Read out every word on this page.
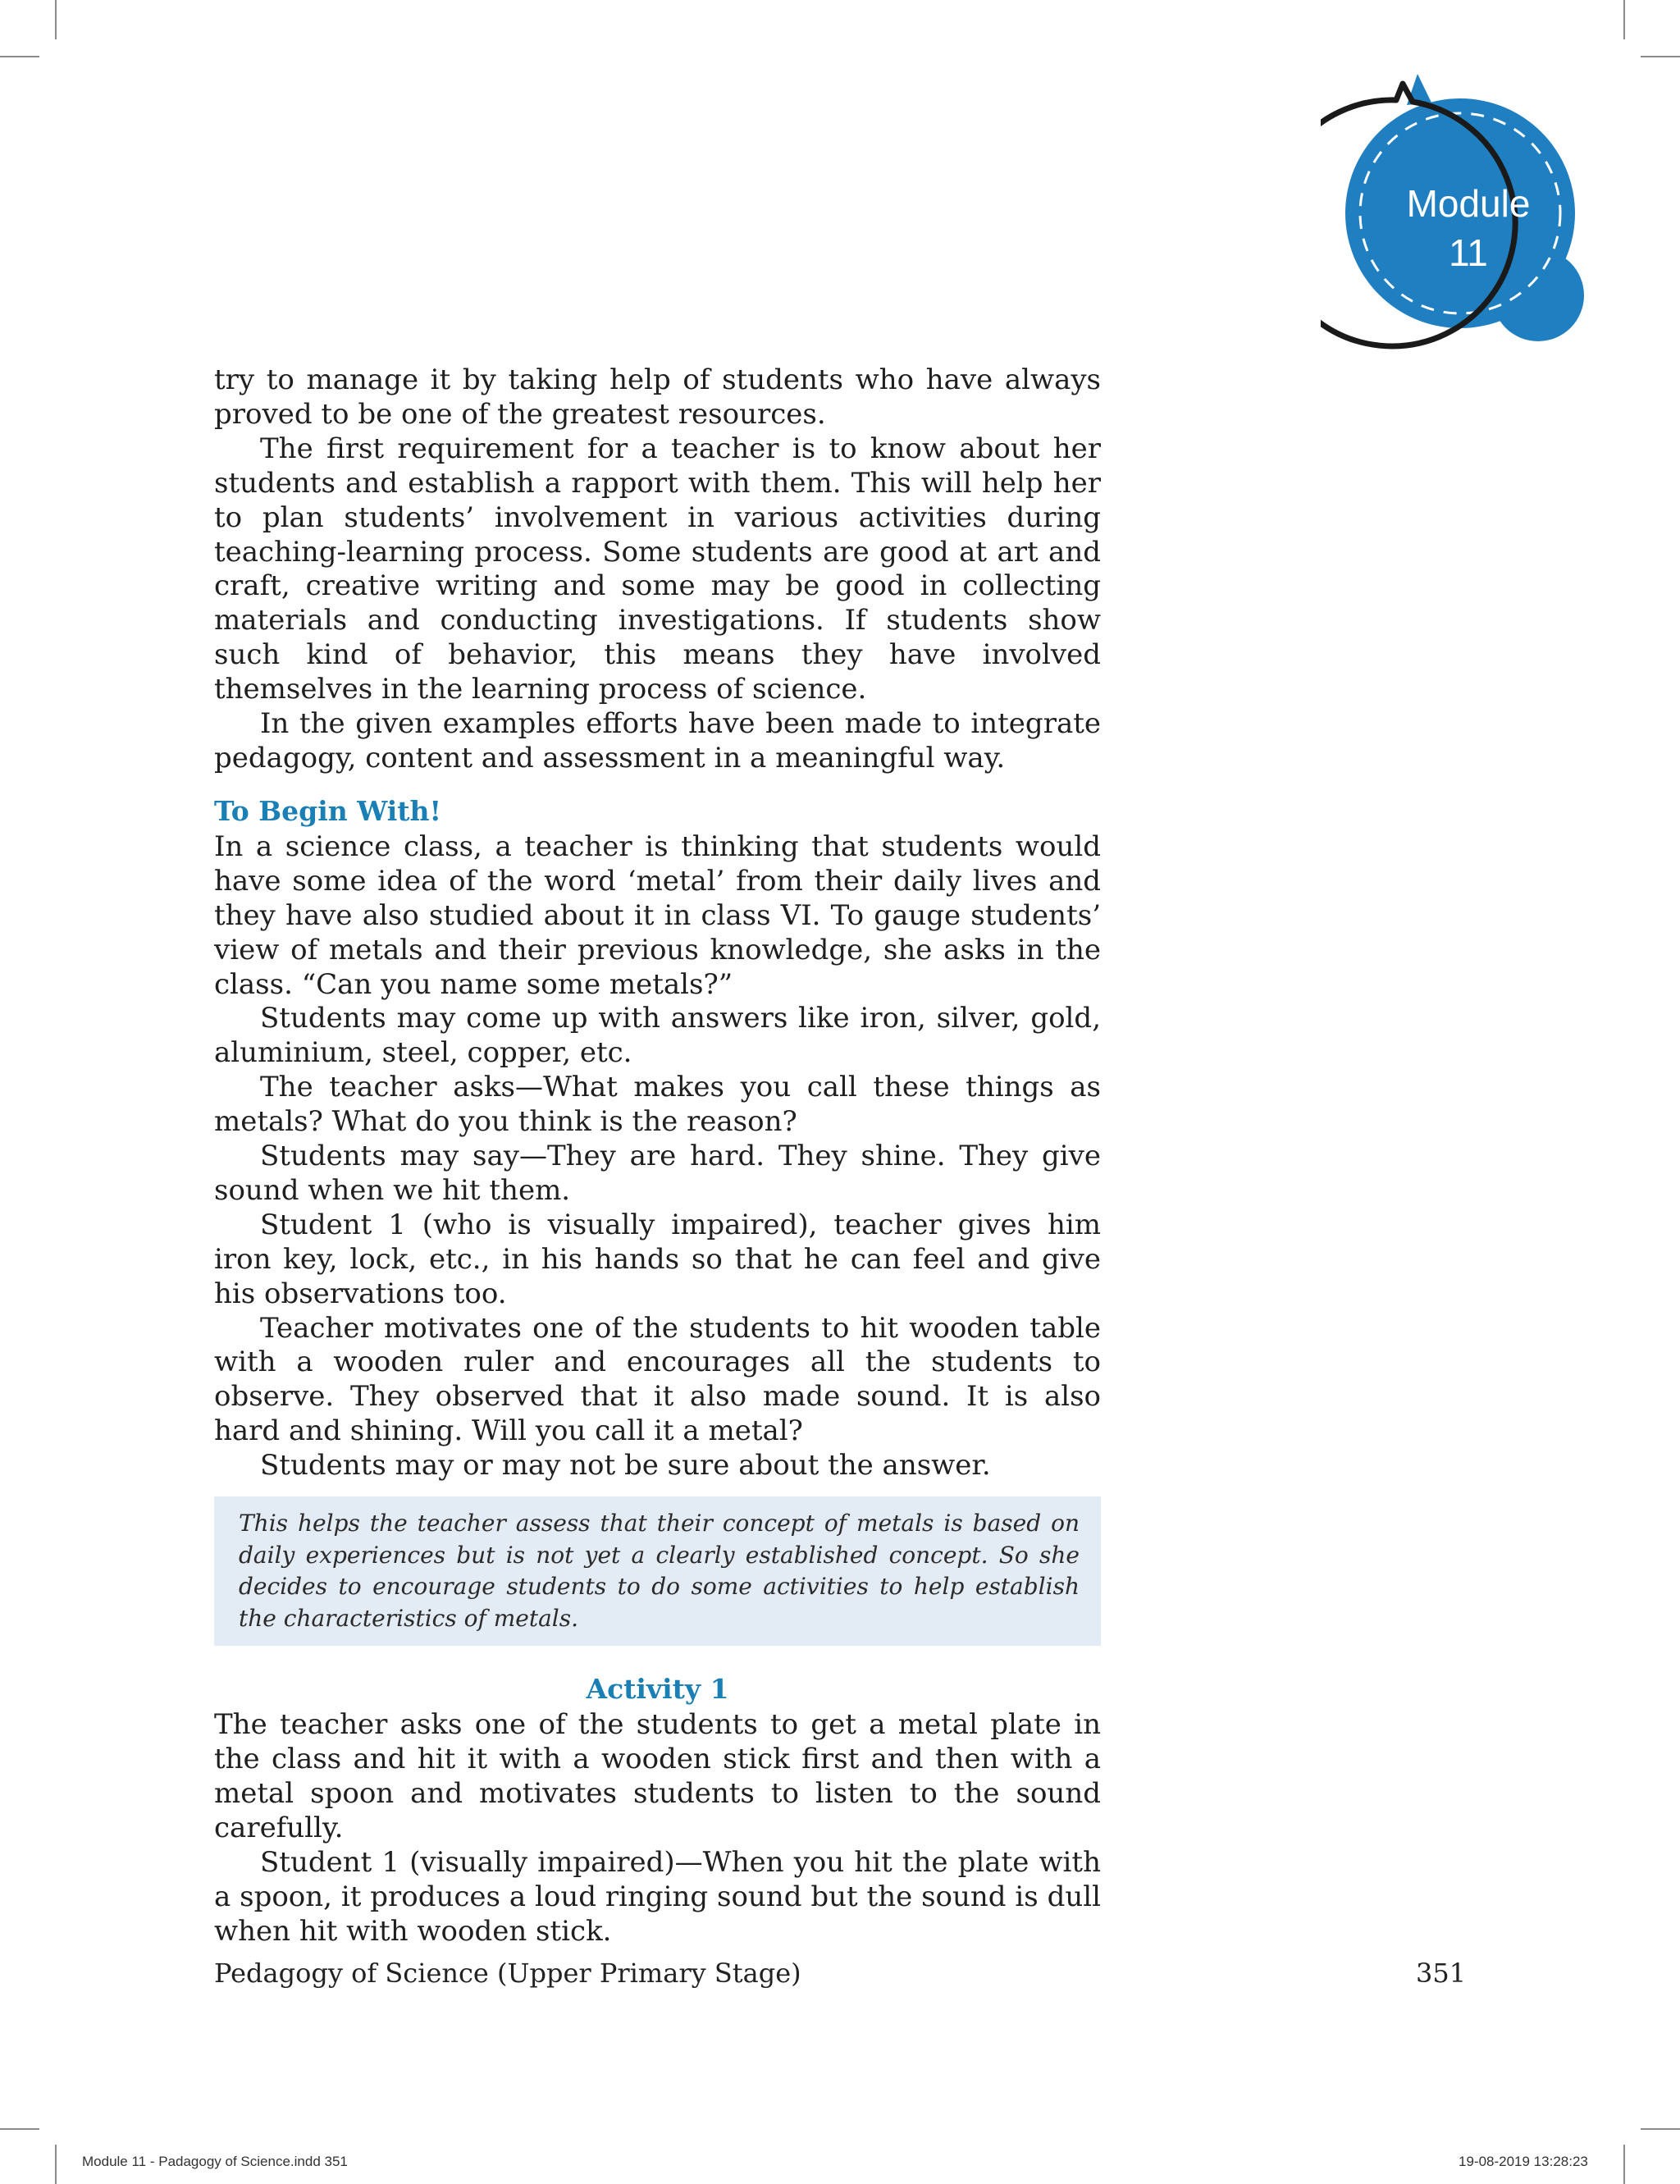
Module
11

try to manage it by taking help of students who have always proved to be one of the greatest resources.

The first requirement for a teacher is to know about her students and establish a rapport with them. This will help her to plan students’ involvement in various activities during teaching-learning process. Some students are good at art and craft, creative writing and some may be good in collecting materials and conducting investigations. If students show such kind of behavior, this means they have involved themselves in the learning process of science.

In the given examples efforts have been made to integrate pedagogy, content and assessment in a meaningful way.

To Begin With!

In a science class, a teacher is thinking that students would have some idea of the word ‘metal’ from their daily lives and they have also studied about it in class VI. To gauge students’ view of metals and their previous knowledge, she asks in the class. “Can you name some metals?”

Students may come up with answers like iron, silver, gold, aluminium, steel, copper, etc.

The teacher asks—What makes you call these things as metals? What do you think is the reason?

Students may say—They are hard. They shine. They give sound when we hit them.

Student 1 (who is visually impaired), teacher gives him iron key, lock, etc., in his hands so that he can feel and give his observations too.

Teacher motivates one of the students to hit wooden table with a wooden ruler and encourages all the students to observe. They observed that it also made sound. It is also hard and shining. Will you call it a metal?

Students may or may not be sure about the answer.

This helps the teacher assess that their concept of metals is based on daily experiences but is not yet a clearly established concept. So she decides to encourage students to do some activities to help establish the characteristics of metals.

Activity 1

The teacher asks one of the students to get a metal plate in the class and hit it with a wooden stick first and then with a metal spoon and motivates students to listen to the sound carefully.

Student 1 (visually impaired)—When you hit the plate with a spoon, it produces a loud ringing sound but the sound is dull when hit with wooden stick.

Pedagogy of Science (Upper Primary Stage)	351
Module 11 - Padagogy of Science.indd 351	19-08-2019 13:28:23
